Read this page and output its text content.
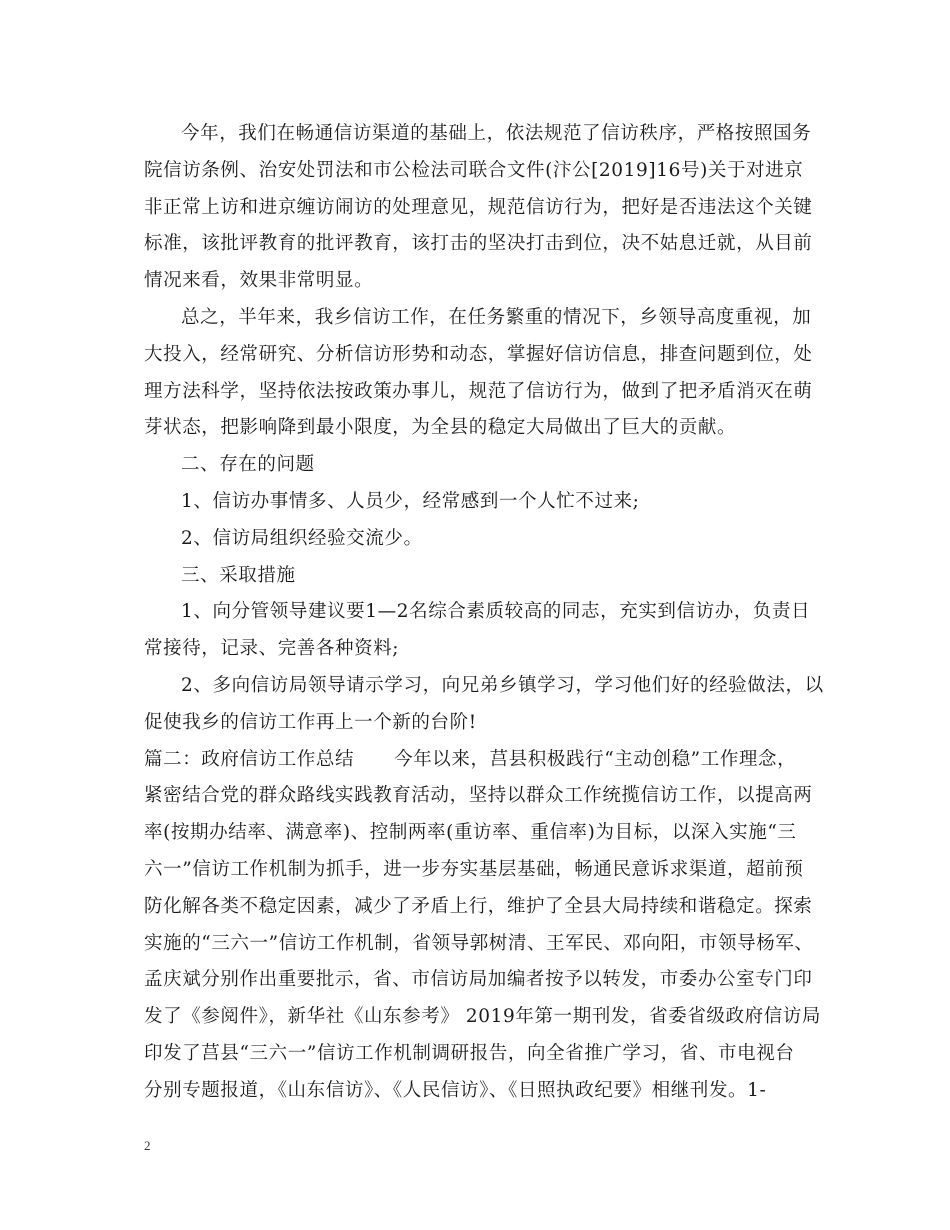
今年，我们在畅通信访渠道的基础上，依法规范了信访秩序，严格按照国务
院信访条例、治安处罚法和市公检法司联合文件(汴公[2019]16号)关于对进京
非正常上访和进京缠访闹访的处理意见，规范信访行为，把好是否违法这个关键
标准，该批评教育的批评教育，该打击的坚决打击到位，决不姑息迁就，从目前
情况来看，效果非常明显。
总之，半年来，我乡信访工作，在任务繁重的情况下，乡领导高度重视，加
大投入，经常研究、分析信访形势和动态，掌握好信访信息，排查问题到位，处
理方法科学，坚持依法按政策办事儿，规范了信访行为，做到了把矛盾消灭在萌
芽状态，把影响降到最小限度，为全县的稳定大局做出了巨大的贡献。
二、存在的问题
1、信访办事情多、人员少，经常感到一个人忙不过来;
2、信访局组织经验交流少。
三、采取措施
1、向分管领导建议要1—2名综合素质较高的同志，充实到信访办，负责日
常接待，记录、完善各种资料;
2、多向信访局领导请示学习，向兄弟乡镇学习，学习他们好的经验做法，以
促使我乡的信访工作再上一个新的台阶!
篇二：政府信访工作总结 今年以来，莒县积极践行“主动创稳”工作理念，
紧密结合党的群众路线实践教育活动，坚持以群众工作统揽信访工作，以提高两
率(按期办结率、满意率)、控制两率(重访率、重信率)为目标，以深入实施“三
六一”信访工作机制为抓手，进一步夯实基层基础，畅通民意诉求渠道，超前预
防化解各类不稳定因素，减少了矛盾上行，维护了全县大局持续和谐稳定。探索
实施的“三六一”信访工作机制，省领导郭树清、王军民、邓向阳，市领导杨军、
孟庆斌分别作出重要批示，省、市信访局加编者按予以转发，市委办公室专门印
发了《参阅件》，新华社《山东参考》 2019年第一期刊发，省委省级政府信访局
印发了莒县“三六一”信访工作机制调研报告，向全省推广学习，省、市电视台
分别专题报道，《山东信访》、《人民信访》、《日照执政纪要》相继刊发。1-
2
